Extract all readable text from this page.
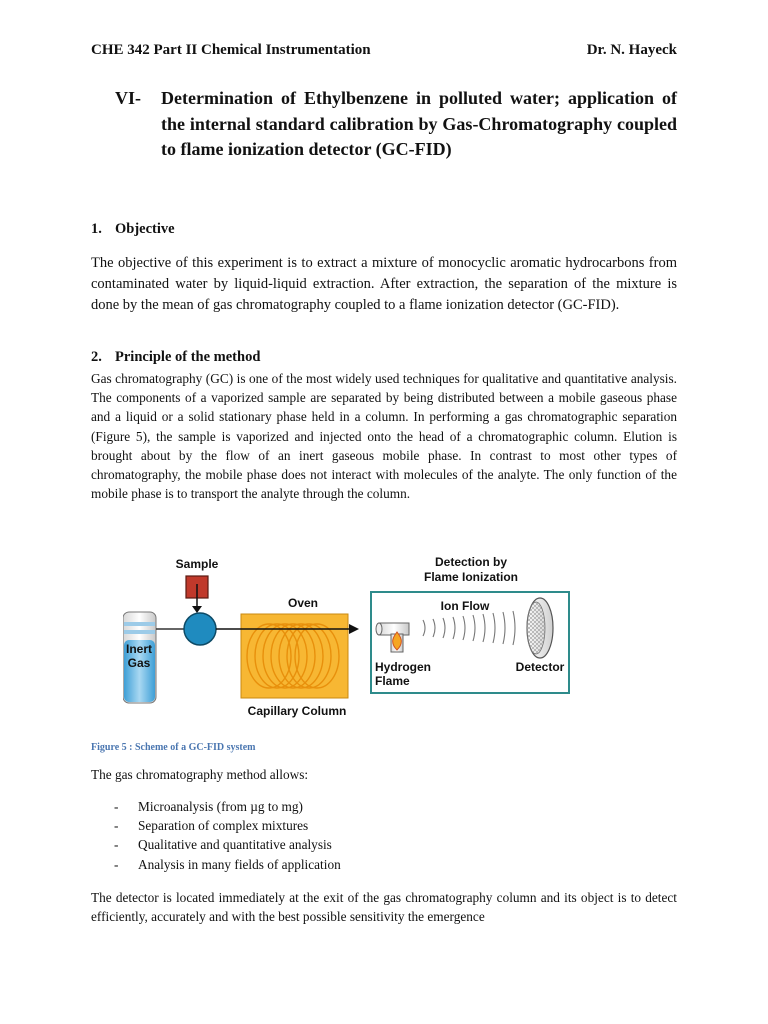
CHE 342 Part II Chemical Instrumentation	Dr. N. Hayeck
VI- Determination of Ethylbenzene in polluted water; application of the internal standard calibration by Gas-Chromatography coupled to flame ionization detector (GC-FID)
1. Objective

The objective of this experiment is to extract a mixture of monocyclic aromatic hydrocarbons from contaminated water by liquid-liquid extraction. After extraction, the separation of the mixture is done by the mean of gas chromatography coupled to a flame ionization detector (GC-FID).

2. Principle of the method

Gas chromatography (GC) is one of the most widely used techniques for qualitative and quantitative analysis. The components of a vaporized sample are separated by being distributed between a mobile gaseous phase and a liquid or a solid stationary phase held in a column. In performing a gas chromatographic separation (Figure 5), the sample is vaporized and injected onto the head of a chromatographic column. Elution is brought about by the flow of an inert gaseous mobile phase. In contrast to most other types of chromatography, the mobile phase does not interact with molecules of the analyte. The only function of the mobile phase is to transport the analyte through the column.

Inert
Gas
Sample
Oven
Capillary Column
Detection by
Flame Ionization
Ion Flow
Hydrogen
Flame
Detector
Figure 5 : Scheme of a GC-FID system
The gas chromatography method allows:
- Microanalysis (from µg to mg)
- Separation of complex mixtures
- Qualitative and quantitative analysis
- Analysis in many fields of application

The detector is located immediately at the exit of the gas chromatography column and its object is to detect efficiently, accurately and with the best possible sensitivity the emergence
